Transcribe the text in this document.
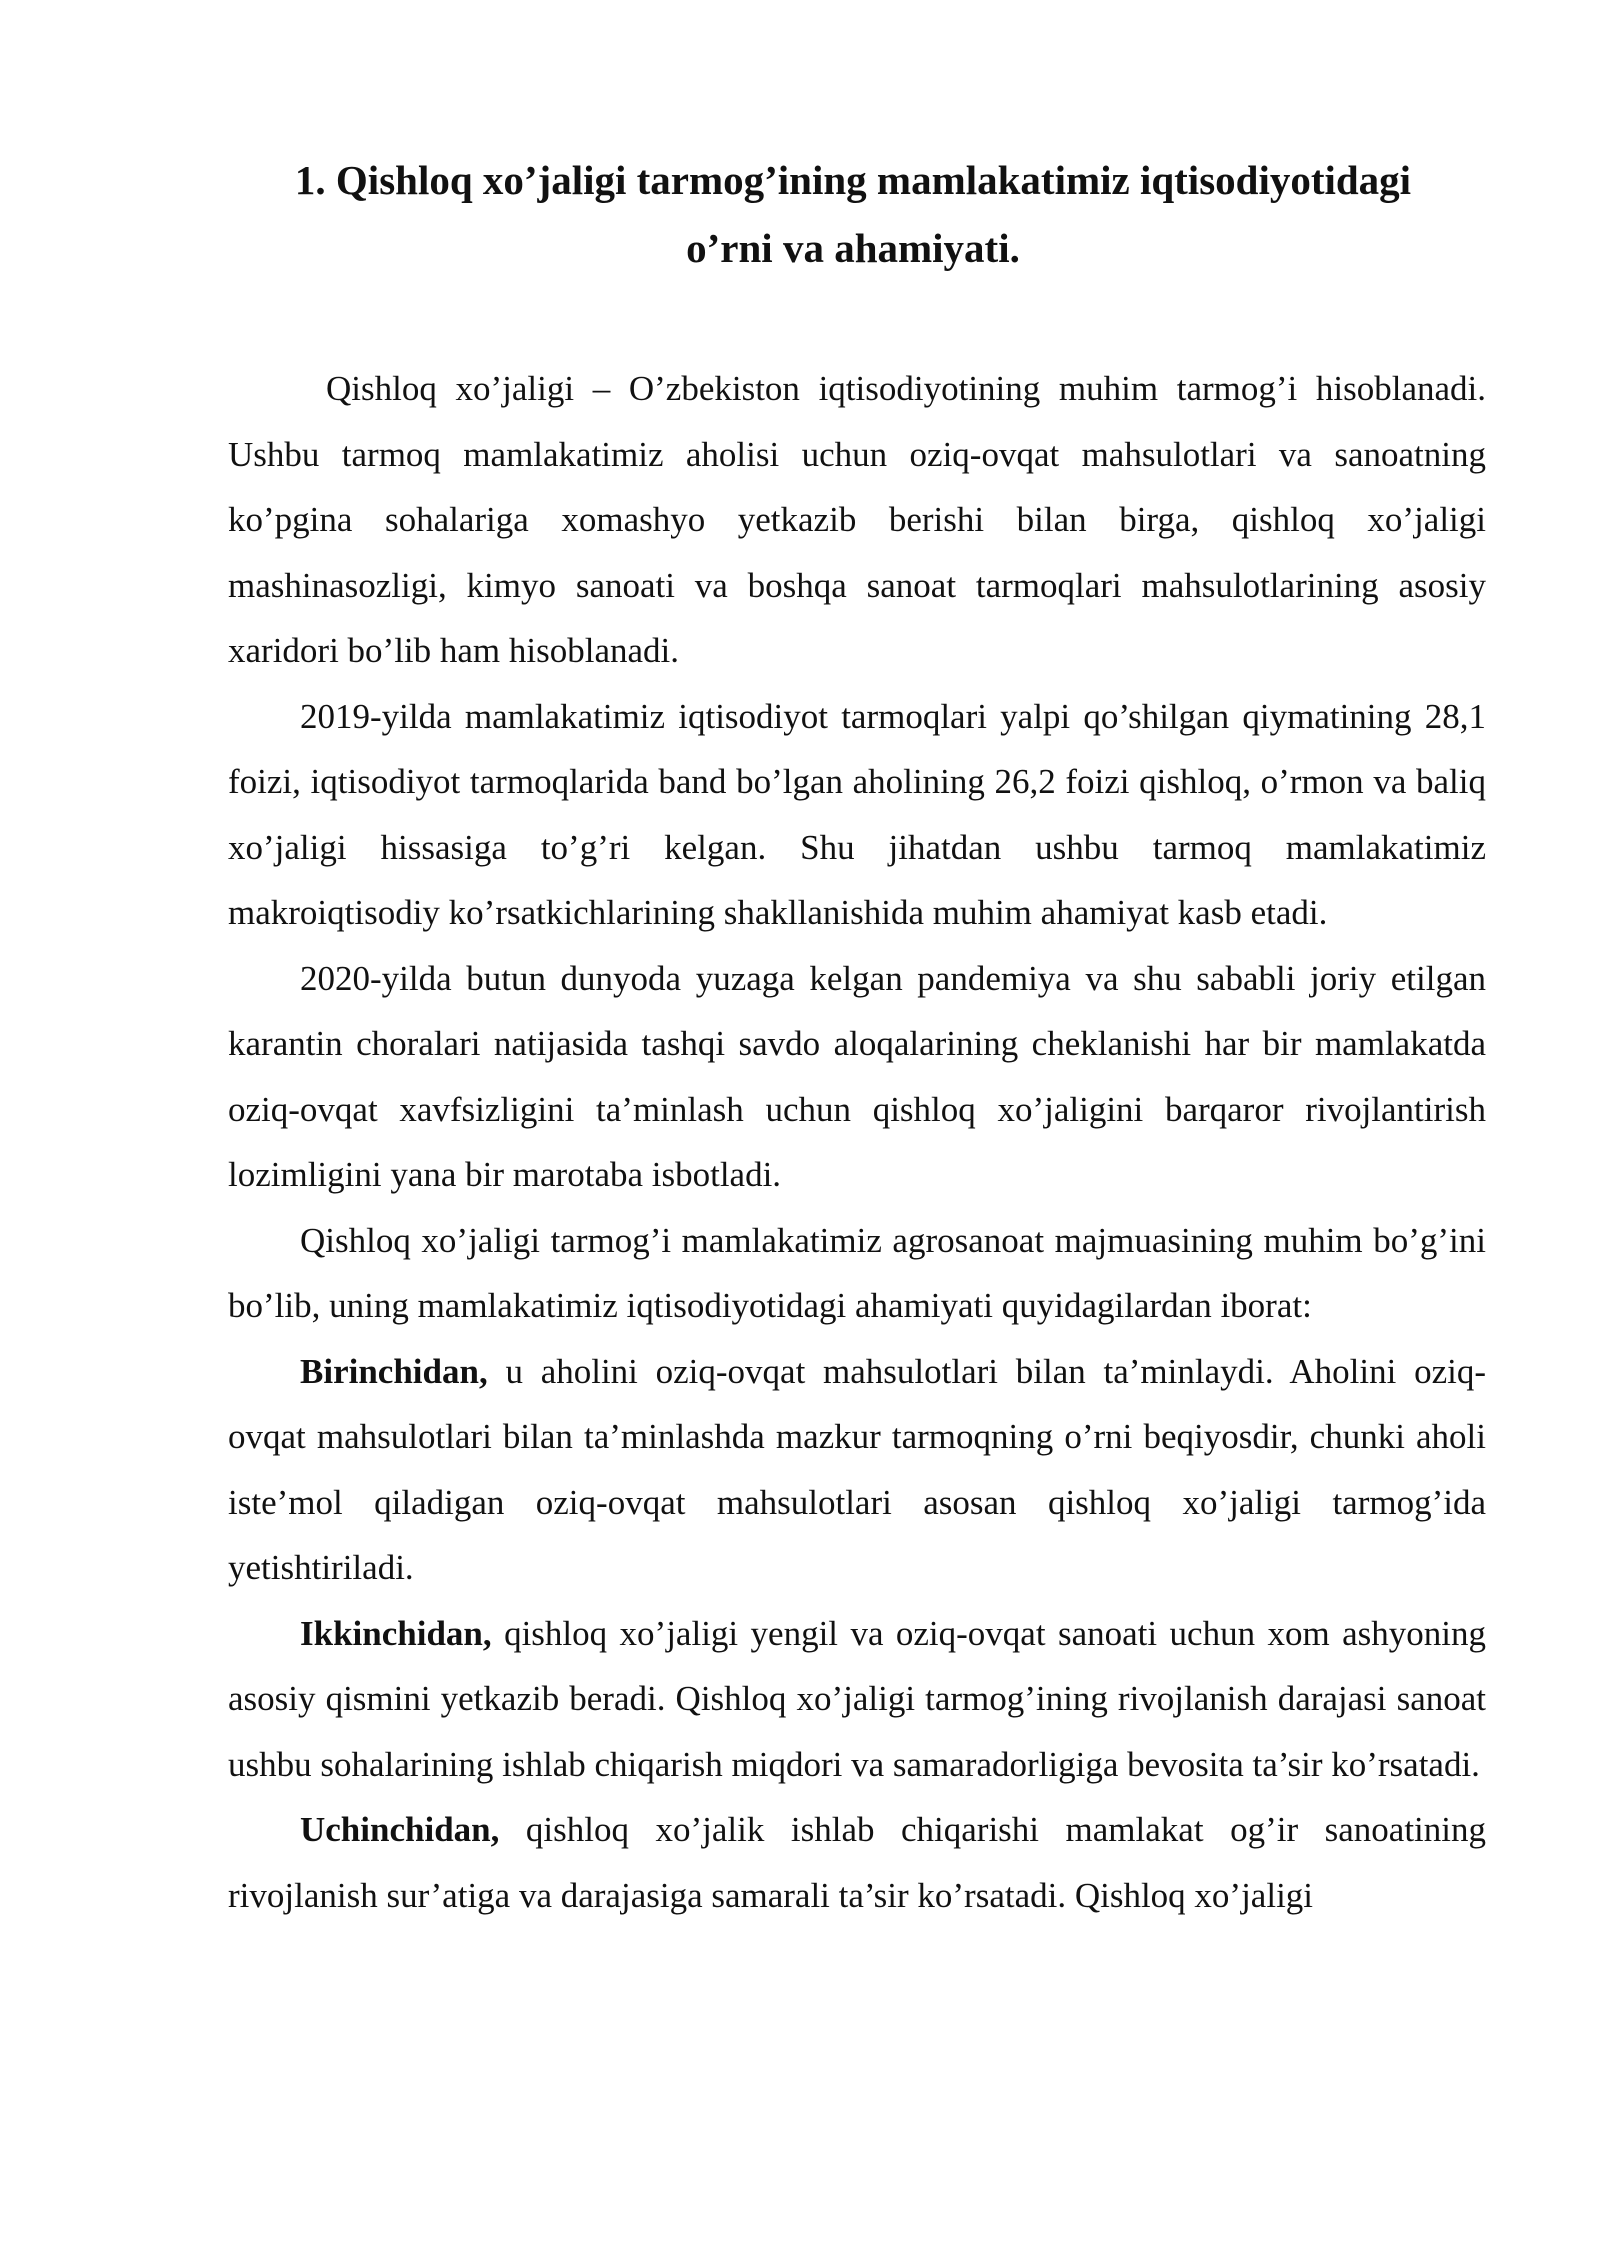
1. Qishloq xo’jaligi tarmog’ining mamlakatimiz iqtisodiyotidagi
o’rni va ahamiyati.

Qishloq xo’jaligi – O’zbekiston iqtisodiyotining muhim tarmog’i hisoblanadi. Ushbu tarmoq mamlakatimiz aholisi uchun oziq-ovqat mahsulotlari va sanoatning ko’pgina sohalariga xomashyo yetkazib berishi bilan birga, qishloq xo’jaligi mashinasozligi, kimyo sanoati va boshqa sanoat tarmoqlari mahsulotlarining asosiy xaridori bo’lib ham hisoblanadi.

2019-yilda mamlakatimiz iqtisodiyot tarmoqlari yalpi qo’shilgan qiymatining 28,1 foizi, iqtisodiyot tarmoqlarida band bo’lgan aholining 26,2 foizi qishloq, o’rmon va baliq xo’jaligi hissasiga to’g’ri kelgan. Shu jihatdan ushbu tarmoq mamlakatimiz makroiqtisodiy ko’rsatkichlarining shakllanishida muhim ahamiyat kasb etadi.

2020-yilda butun dunyoda yuzaga kelgan pandemiya va shu sababli joriy etilgan karantin choralari natijasida tashqi savdo aloqalarining cheklanishi har bir mamlakatda oziq-ovqat xavfsizligini ta’minlash uchun qishloq xo’jaligini barqaror rivojlantirish lozimligini yana bir marotaba isbotladi.

Qishloq xo’jaligi tarmog’i mamlakatimiz agrosanoat majmuasining muhim bo’g’ini bo’lib, uning mamlakatimiz iqtisodiyotidagi ahamiyati quyidagilardan iborat:

Birinchidan, u aholini oziq-ovqat mahsulotlari bilan ta’minlaydi. Aholini oziq-ovqat mahsulotlari bilan ta’minlashda mazkur tarmoqning o’rni beqiyosdir, chunki aholi iste’mol qiladigan oziq-ovqat mahsulotlari asosan qishloq xo’jaligi tarmog’ida yetishtiriladi.

Ikkinchidan, qishloq xo’jaligi yengil va oziq-ovqat sanoati uchun xom ashyoning asosiy qismini yetkazib beradi. Qishloq xo’jaligi tarmog’ining rivojlanish darajasi sanoat ushbu sohalarining ishlab chiqarish miqdori va samaradorligiga bevosita ta’sir ko’rsatadi.

Uchinchidan, qishloq xo’jalik ishlab chiqarishi mamlakat og’ir sanoatining rivojlanish sur’atiga va darajasiga samarali ta’sir ko’rsatadi. Qishloq xo’jaligi
